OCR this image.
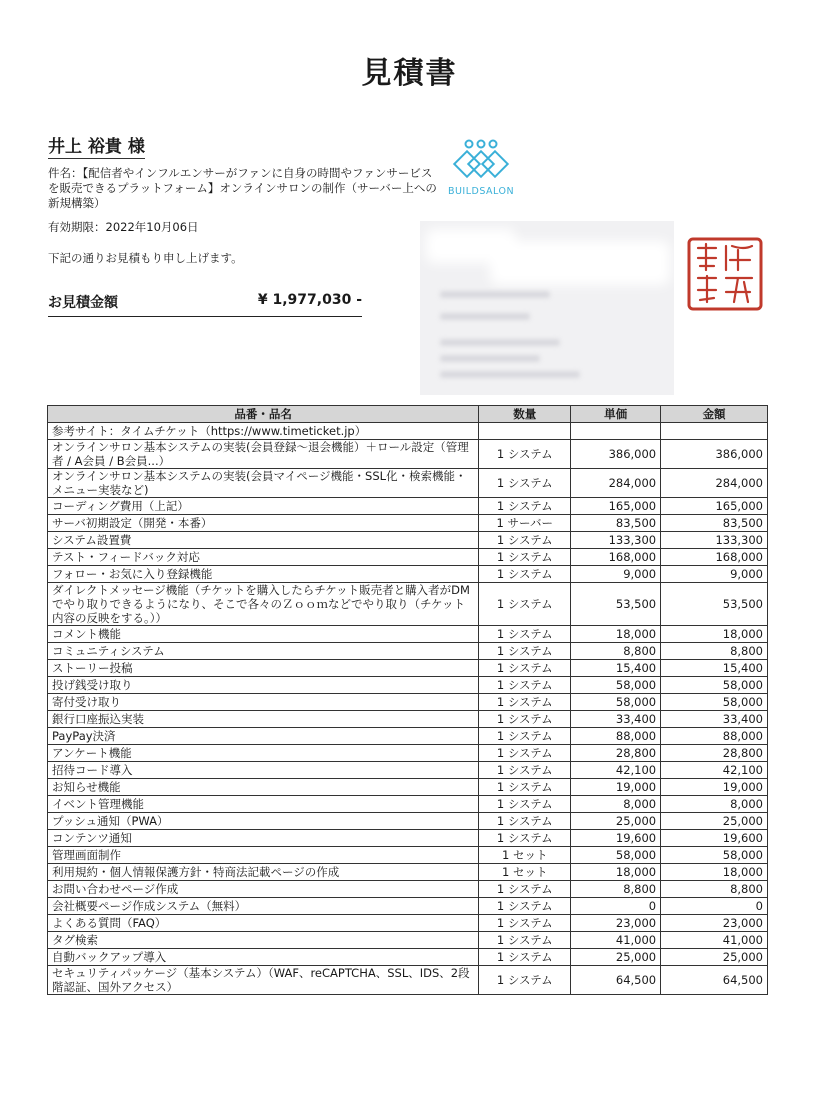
見積書
井上 裕貴 様
件名：【配信者やインフルエンサーがファンに自身の時間やファンサービスを販売できるプラットフォーム】オンラインサロンの制作（サーバー上への新規構築）
有効期限：2022年10月06日
下記の通りお見積もり申し上げます。
お見積金額	¥ 1,977,030 -
BUILDSALON
品番・品名	数量	単価	金額
参考サイト：タイムチケット（https://www.timeticket.jp）			
オンラインサロン基本システムの実装(会員登録〜退会機能）＋ロール設定（管理者 / A会員 / B会員...）	1 システム	386,000	386,000
オンラインサロン基本システムの実装(会員マイページ機能・SSL化・検索機能・メニュー実装など)	1 システム	284,000	284,000
コーディング費用（上記）	1 システム	165,000	165,000
サーバ初期設定（開発・本番）	1 サーバー	83,500	83,500
システム設置費	1 システム	133,300	133,300
テスト・フィードバック対応	1 システム	168,000	168,000
フォロー・お気に入り登録機能	1 システム	9,000	9,000
ダイレクトメッセージ機能（チケットを購入したらチケット販売者と購入者がDMでやり取りできるようになり、そこで各々のＺｏｏｍなどでやり取り（チケット内容の反映をする。））	1 システム	53,500	53,500
コメント機能	1 システム	18,000	18,000
コミュニティシステム	1 システム	8,800	8,800
ストーリー投稿	1 システム	15,400	15,400
投げ銭受け取り	1 システム	58,000	58,000
寄付受け取り	1 システム	58,000	58,000
銀行口座振込実装	1 システム	33,400	33,400
PayPay決済	1 システム	88,000	88,000
アンケート機能	1 システム	28,800	28,800
招待コード導入	1 システム	42,100	42,100
お知らせ機能	1 システム	19,000	19,000
イベント管理機能	1 システム	8,000	8,000
プッシュ通知（PWA）	1 システム	25,000	25,000
コンテンツ通知	1 システム	19,600	19,600
管理画面制作	1 セット	58,000	58,000
利用規約・個人情報保護方針・特商法記載ページの作成	1 セット	18,000	18,000
お問い合わせページ作成	1 システム	8,800	8,800
会社概要ページ作成システム（無料）	1 システム	0	0
よくある質問（FAQ）	1 システム	23,000	23,000
タグ検索	1 システム	41,000	41,000
自動バックアップ導入	1 システム	25,000	25,000
セキュリティパッケージ（基本システム）（WAF、reCAPTCHA、SSL、IDS、2段階認証、国外アクセス）	1 システム	64,500	64,500
